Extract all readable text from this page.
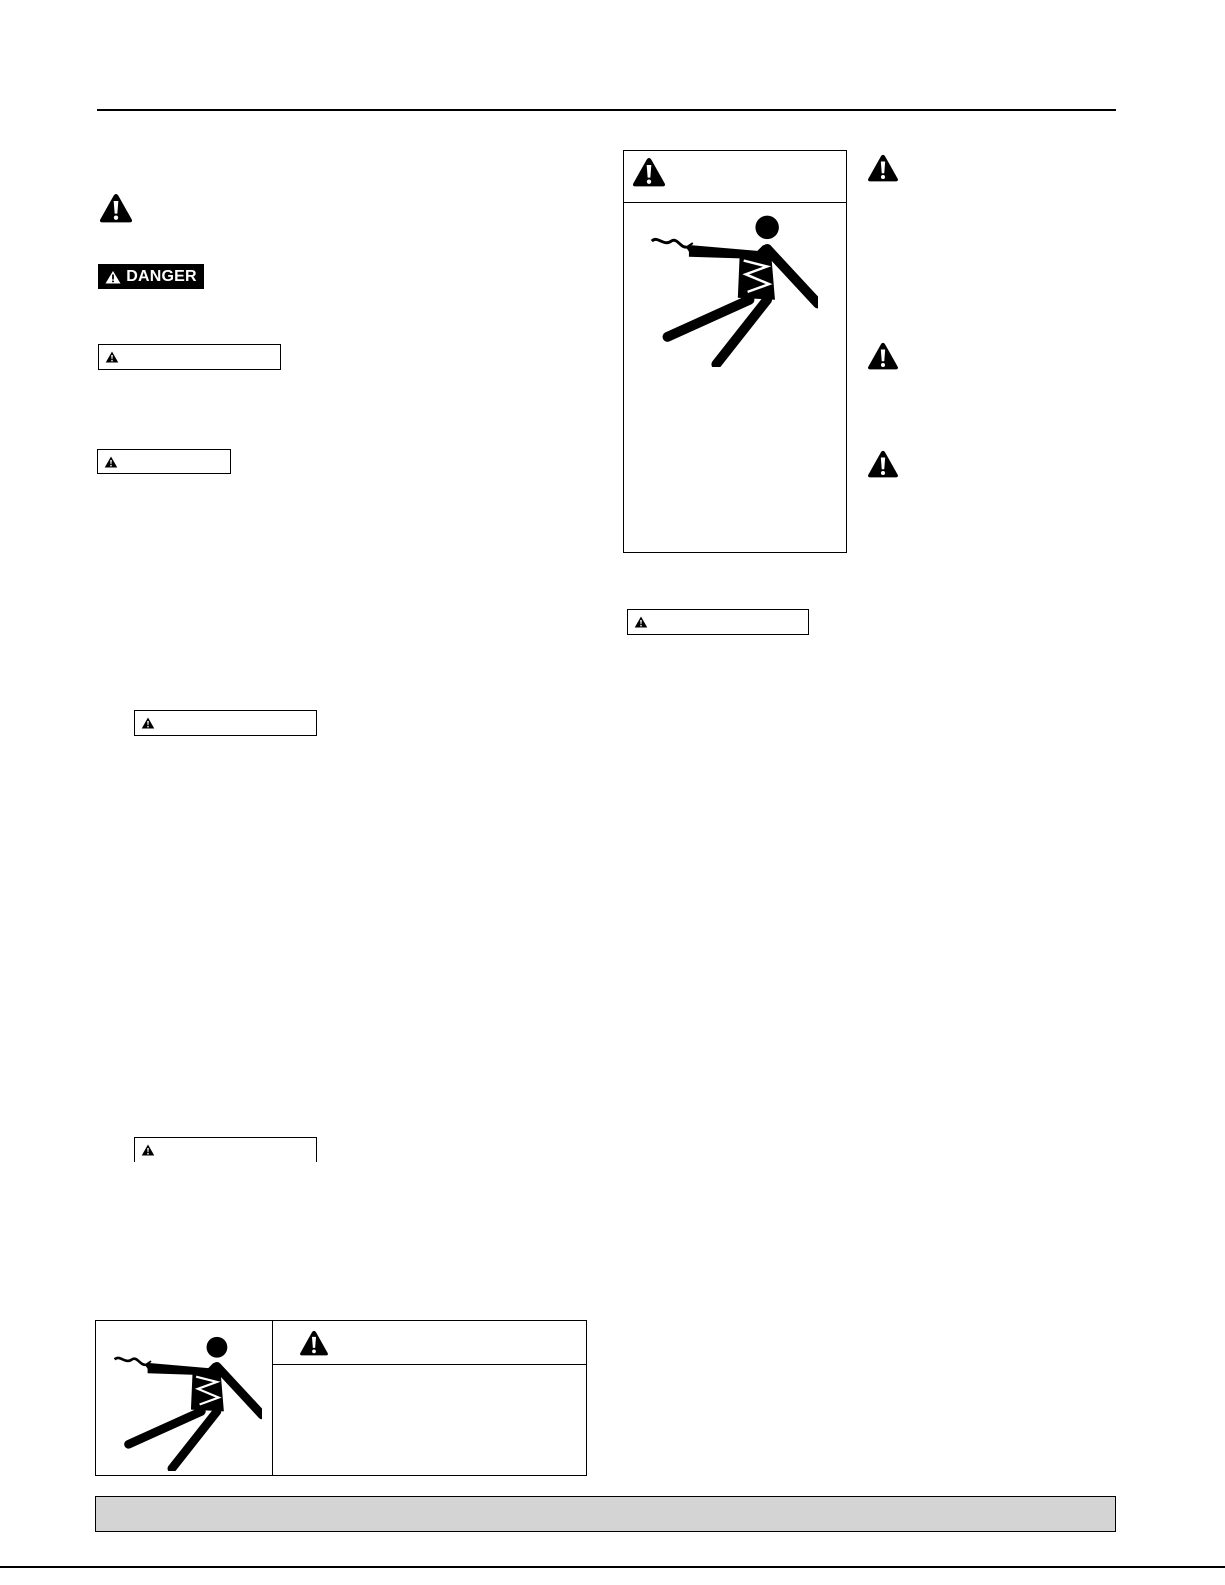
DANGER
